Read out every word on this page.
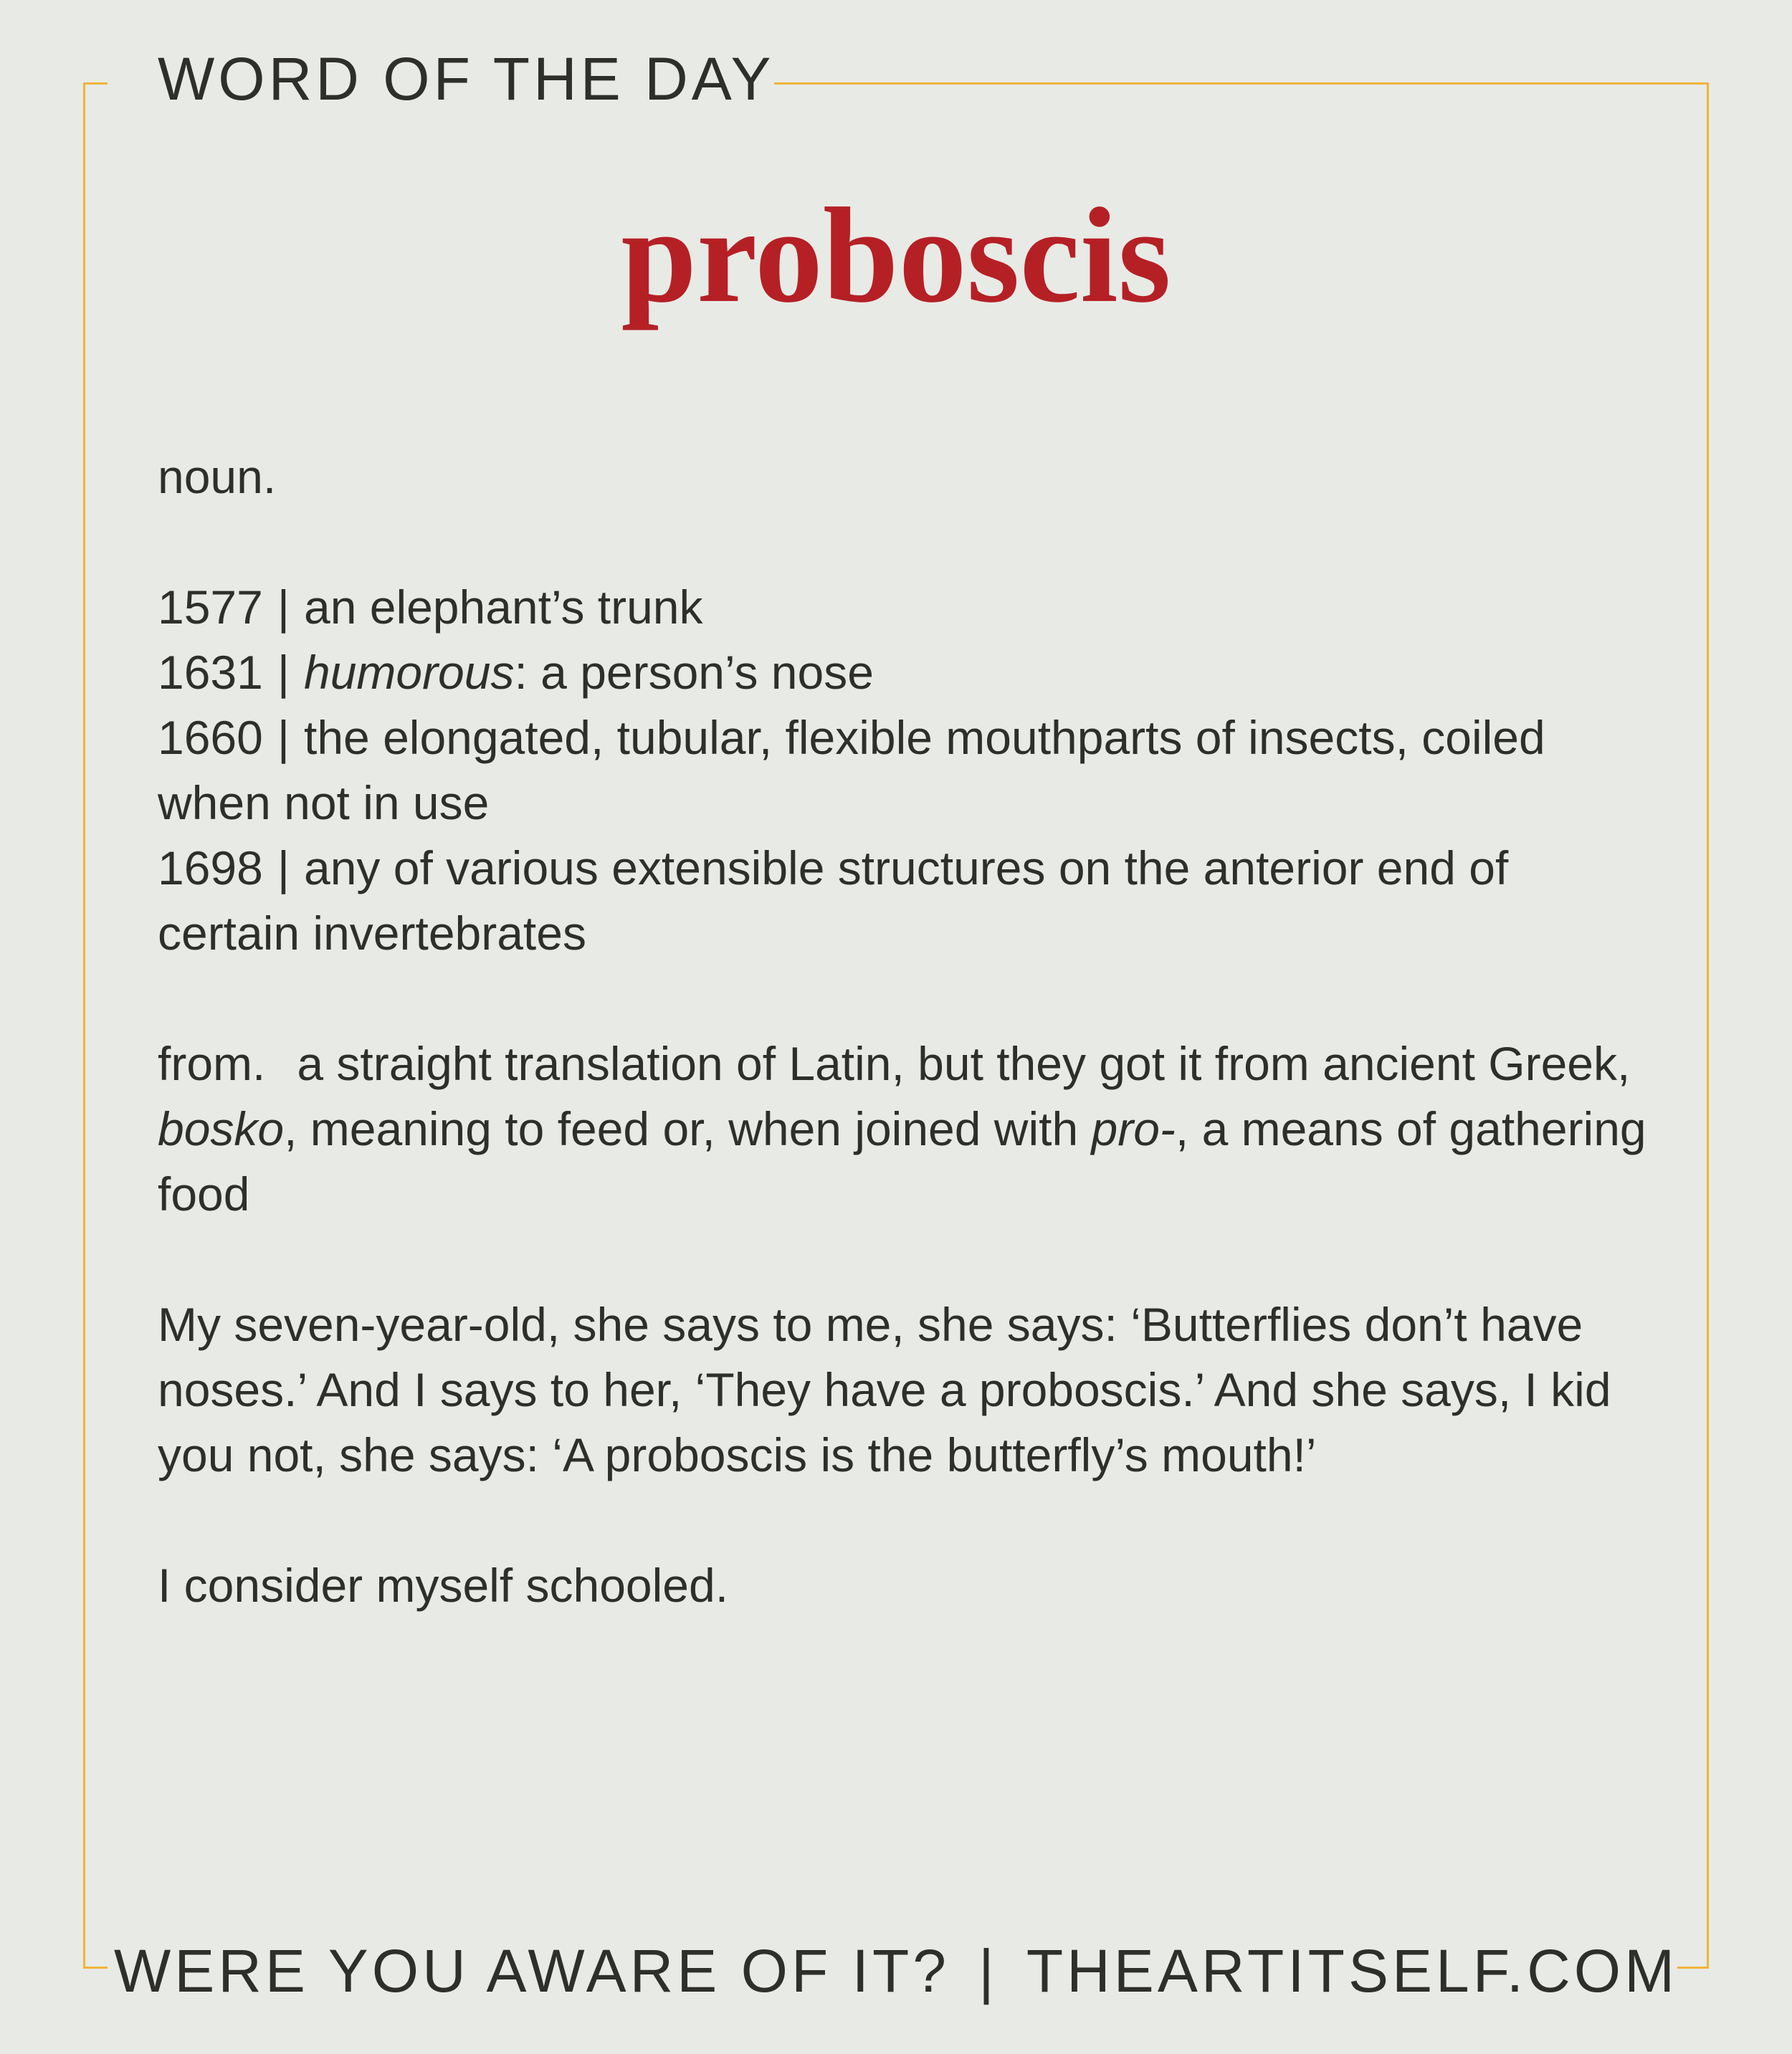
WORD OF THE DAY
proboscis

noun.

1577 | an elephant’s trunk

1631 | humorous: a person’s nose

1660 | the elongated, tubular, flexible mouthparts of insects, coiled when not in use

1698 | any of various extensible structures on the anterior end of certain invertebrates

from. a straight translation of Latin, but they got it from ancient Greek, bosko, meaning to feed or, when joined with pro-, a means of gathering food

My seven-year-old, she says to me, she says: ‘Butterflies don’t have noses.’ And I says to her, ‘They have a proboscis.’ And she says, I kid you not, she says: ‘A proboscis is the butterfly’s mouth!’

I consider myself schooled.

WERE YOU AWARE OF IT? | THEARTITSELF.COM
